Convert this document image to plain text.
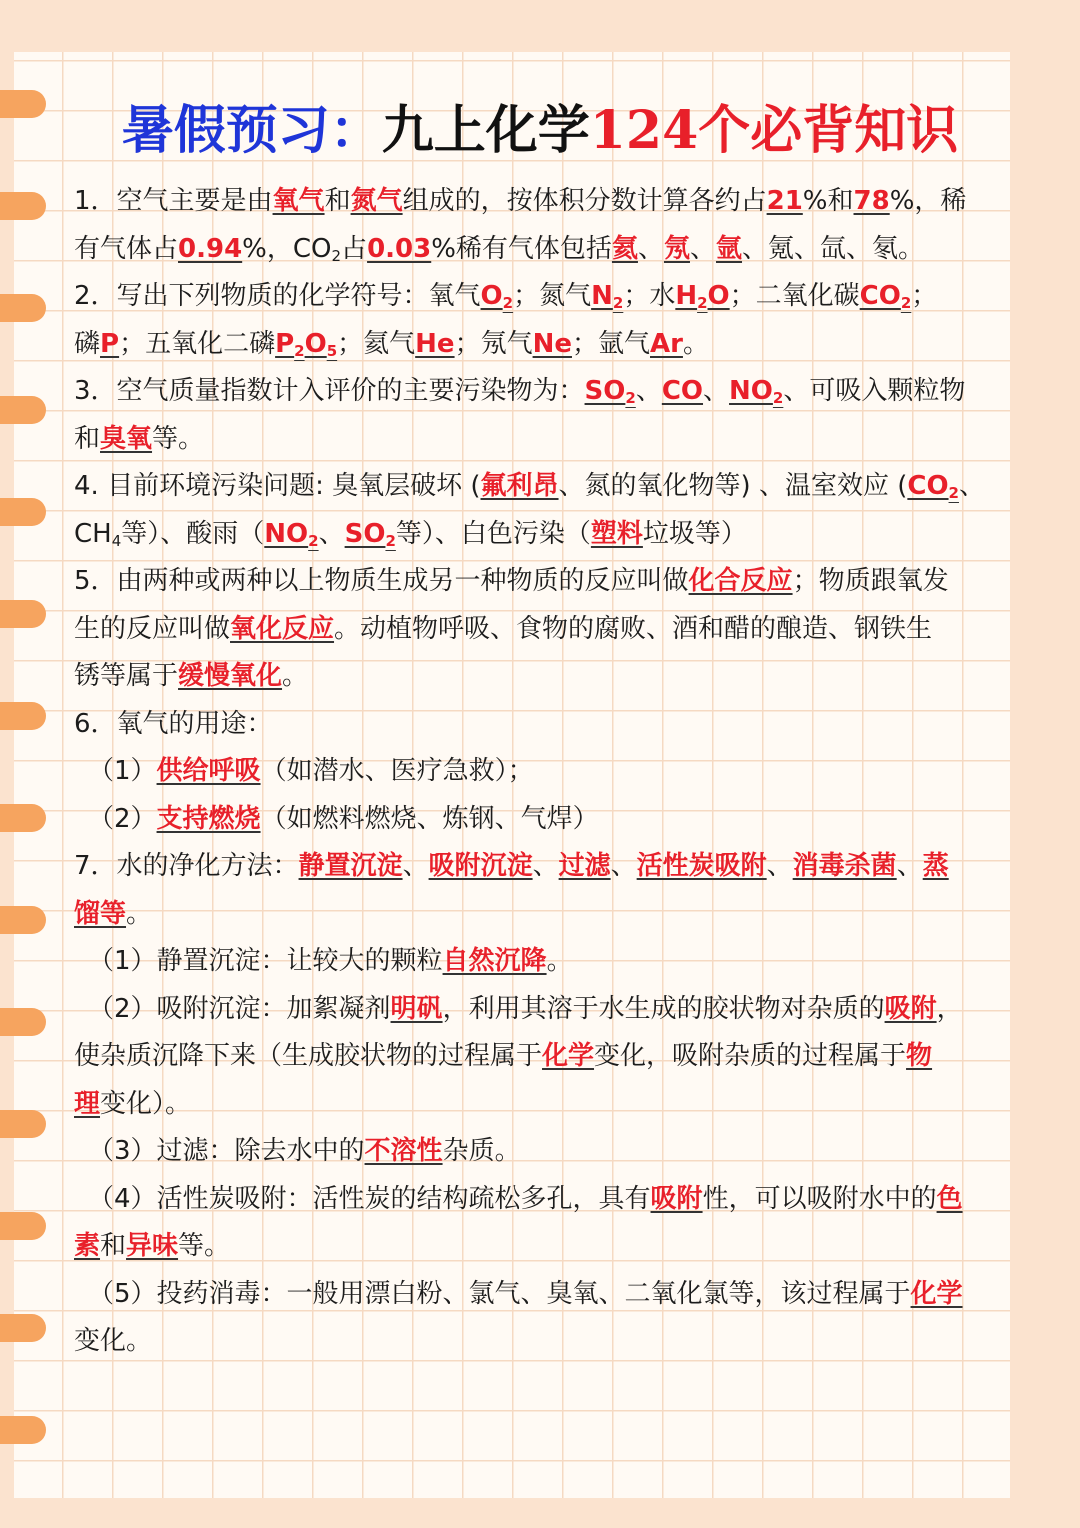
暑假预习：九上化学124个必背知识

1．空气主要是由氧气和氮气组成的，按体积分数计算各约占21%和78%，稀

有气体占0.94%，$CO_2$占0.03%稀有气体包括氦、氖、氩、氪、氙、氡。

2．写出下列物质的化学符号：氧气$O_2$；氮气$N_2$；水$H_2O$；二氧化碳$CO_2$；

磷P；五氧化二磷$P_2O_5$；氦气He；氖气Ne；氩气Ar。

3．空气质量指数计入评价的主要污染物为：$SO_2$、CO、$NO_2$、可吸入颗粒物

和臭氧等。

4. 目前环境污染问题: 臭氧层破坏 (氟利昂、氮的氧化物等) 、温室效应 ($CO_2$、

$CH_4$等）、酸雨（$NO_2$、$SO_2$等）、白色污染（塑料垃圾等）

5．由两种或两种以上物质生成另一种物质的反应叫做化合反应；物质跟氧发

生的反应叫做氧化反应。动植物呼吸、食物的腐败、酒和醋的酿造、钢铁生

锈等属于缓慢氧化。

6．氧气的用途：

（1）供给呼吸（如潜水、医疗急救）；

（2）支持燃烧（如燃料燃烧、炼钢、气焊）

7．水的净化方法：静置沉淀、吸附沉淀、过滤、活性炭吸附、消毒杀菌、蒸

馏等。

（1）静置沉淀：让较大的颗粒自然沉降。

（2）吸附沉淀：加絮凝剂明矾，利用其溶于水生成的胶状物对杂质的吸附，

使杂质沉降下来（生成胶状物的过程属于化学变化，吸附杂质的过程属于物

理变化）。

（3）过滤：除去水中的不溶性杂质。

（4）活性炭吸附：活性炭的结构疏松多孔，具有吸附性，可以吸附水中的色

素和异味等。

（5）投药消毒：一般用漂白粉、氯气、臭氧、二氧化氯等，该过程属于化学

变化。
